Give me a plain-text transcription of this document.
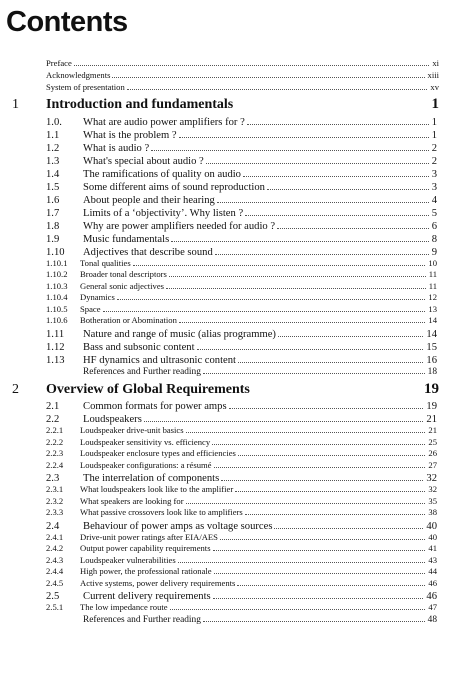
Contents
Preface	xi
Acknowledgments	xiii
System of presentation	xv
1	Introduction and fundamentals	1
1.0.	What are audio power amplifiers for ?	1
1.1	What is the problem ?	1
1.2	What is audio ?	2
1.3	What's special about audio ?	2
1.4	The ramifications of quality on audio	3
1.5	Some different aims of sound reproduction	3
1.6	About people and their hearing	4
1.7	Limits of a ‘objectivity’. Why listen ?	5
1.8	Why are power amplifiers needed for audio ?	6
1.9	Music fundamentals	8
1.10	Adjectives that describe sound	9
1.10.1	Tonal qualities	10
1.10.2	Broader tonal descriptors	11
1.10.3	General sonic adjectives	11
1.10.4	Dynamics	12
1.10.5	Space	13
1.10.6	Botheration or Abomination	14
1.11	Nature and range of music (alias programme)	14
1.12	Bass and subsonic content	15
1.13	HF dynamics and ultrasonic content	16
References and Further reading	18
2	Overview of Global Requirements	19
2.1	Common formats for power amps	19
2.2	Loudspeakers	21
2.2.1	Loudspeaker drive-unit basics	21
2.2.2	Loudspeaker sensitivity vs. efficiency	25
2.2.3	Loudspeaker enclosure types and efficiencies	26
2.2.4	Loudspeaker configurations: a résumé	27
2.3	The interrelation of components	32
2.3.1	What loudspeakers look like to the amplifier	32
2.3.2	What speakers are looking for	35
2.3.3	What passive crossovers look like to amplifiers	38
2.4	Behaviour of power amps as voltage sources	40
2.4.1	Drive-unit power ratings after EIA/AES	40
2.4.2	Output power capability requirements	41
2.4.3	Loudspeaker vulnerabilities	43
2.4.4	High power, the professional rationale	44
2.4.5	Active systems, power delivery requirements	46
2.5	Current delivery requirements	46
2.5.1	The low impedance route	47
References and Further reading	48
